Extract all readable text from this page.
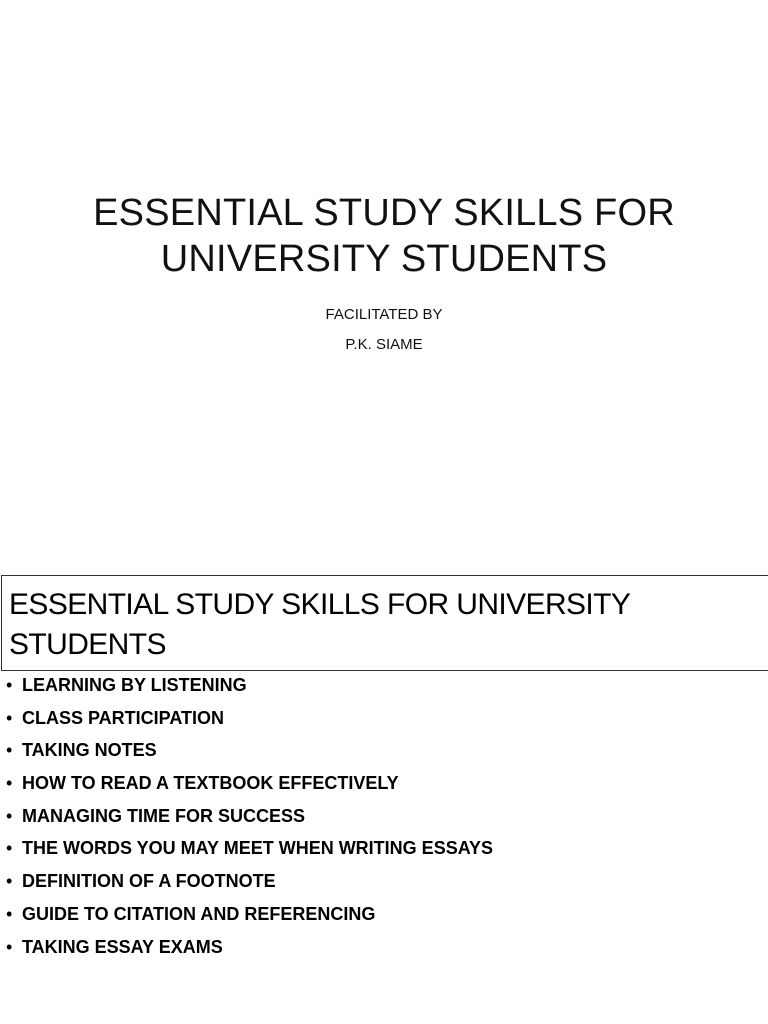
ESSENTIAL STUDY SKILLS FOR
UNIVERSITY STUDENTS
FACILITATED BY
P.K. SIAME
ESSENTIAL STUDY SKILLS FOR UNIVERSITY
STUDENTS
• LEARNING BY LISTENING
• CLASS PARTICIPATION
• TAKING NOTES
• HOW TO READ A TEXTBOOK EFFECTIVELY
• MANAGING TIME FOR SUCCESS
• THE WORDS YOU MAY MEET WHEN WRITING ESSAYS
• DEFINITION OF A FOOTNOTE
• GUIDE TO CITATION AND REFERENCING
• TAKING ESSAY EXAMS
